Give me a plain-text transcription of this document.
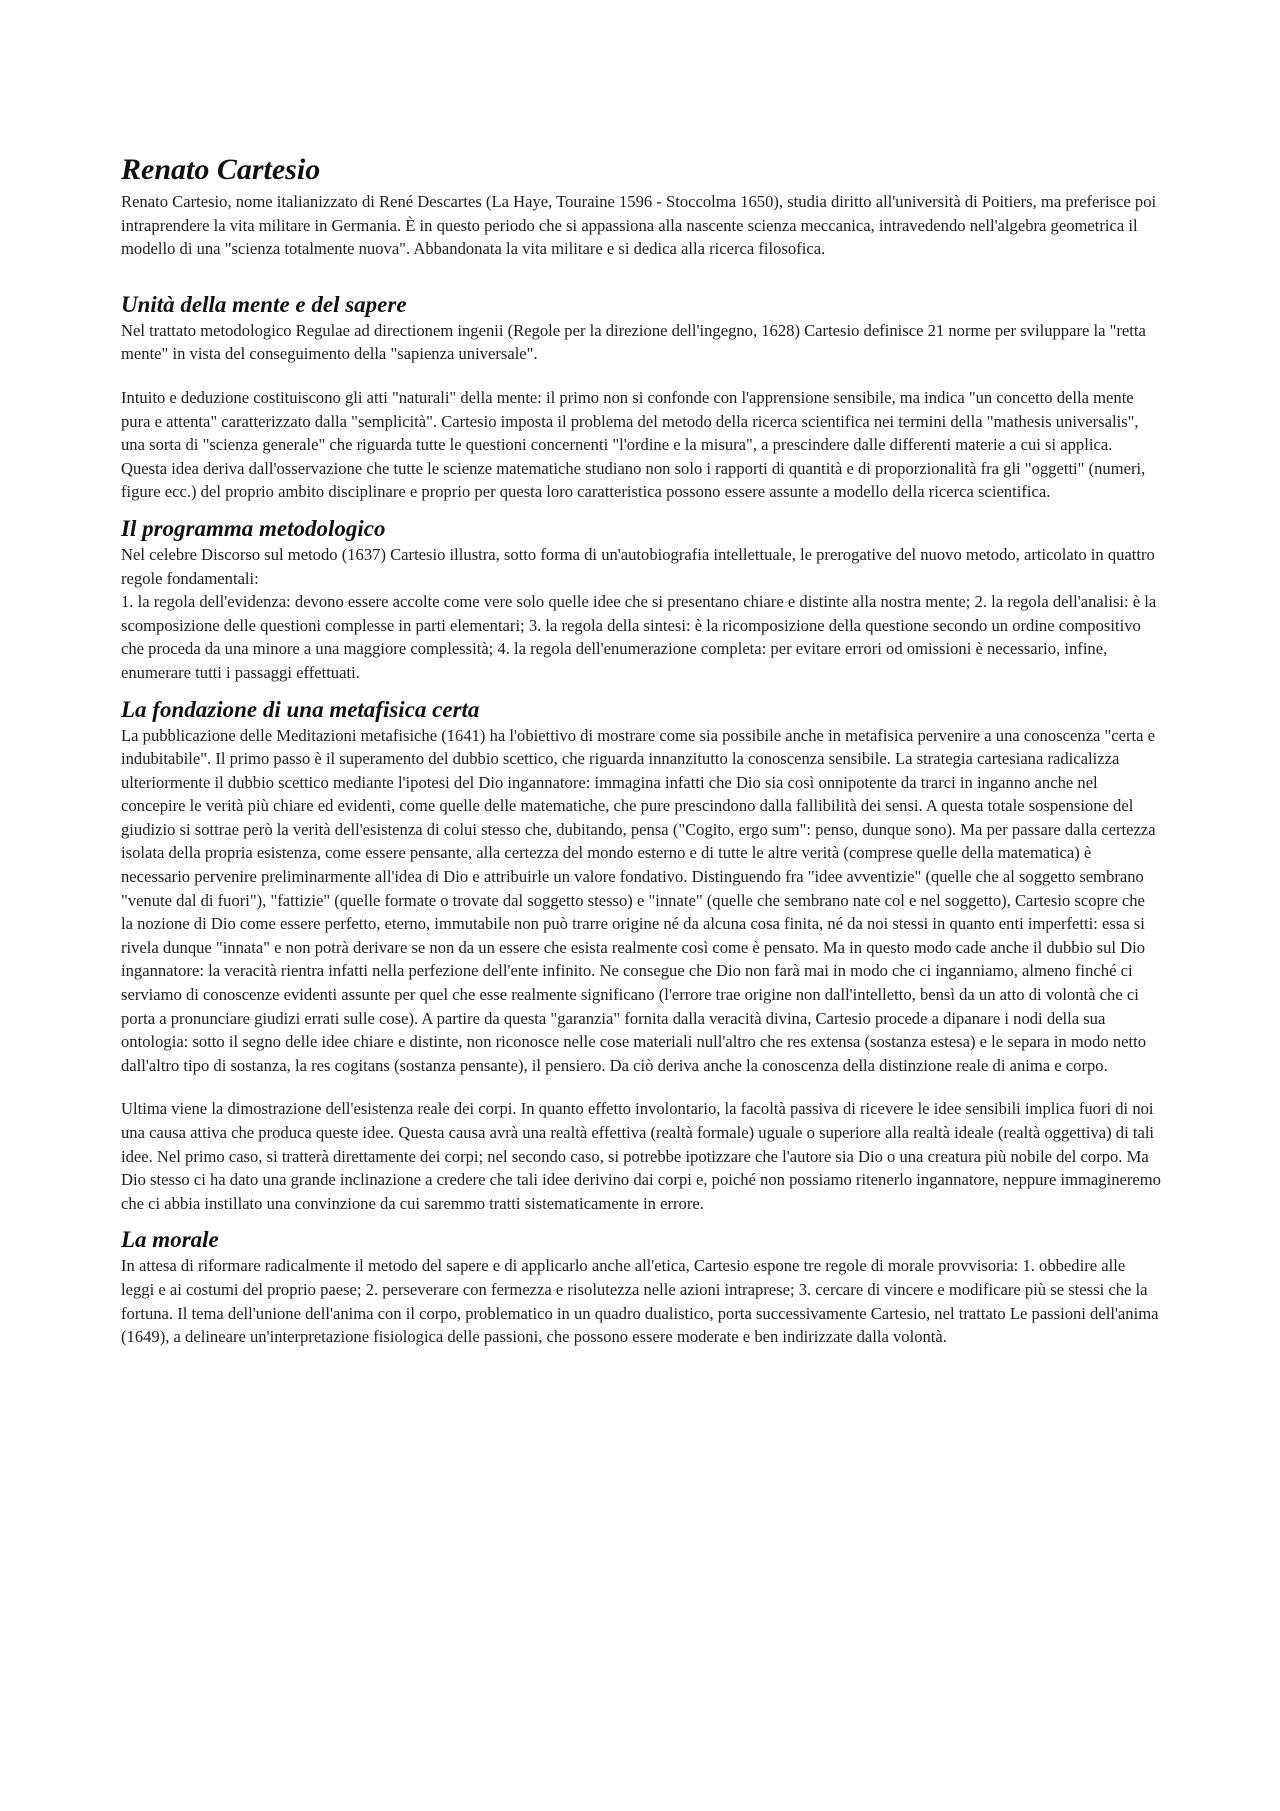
Renato Cartesio

Renato Cartesio, nome italianizzato di René Descartes (La Haye, Touraine 1596 - Stoccolma 1650), studia diritto all'università di Poitiers, ma preferisce poi intraprendere la vita militare in Germania. È in questo periodo che si appassiona alla nascente scienza meccanica, intravedendo nell'algebra geometrica il modello di una "scienza totalmente nuova". Abbandonata la vita militare e si dedica alla ricerca filosofica.

Unità della mente e del sapere

Nel trattato metodologico Regulae ad directionem ingenii (Regole per la direzione dell'ingegno, 1628) Cartesio definisce 21 norme per sviluppare la "retta mente" in vista del conseguimento della "sapienza universale".

Intuito e deduzione costituiscono gli atti "naturali" della mente: il primo non si confonde con l'apprensione sensibile, ma indica "un concetto della mente pura e attenta" caratterizzato dalla "semplicità". Cartesio imposta il problema del metodo della ricerca scientifica nei termini della "mathesis universalis", una sorta di "scienza generale" che riguarda tutte le questioni concernenti "l'ordine e la misura", a prescindere dalle differenti materie a cui si applica. Questa idea deriva dall'osservazione che tutte le scienze matematiche studiano non solo i rapporti di quantità e di proporzionalità fra gli "oggetti" (numeri, figure ecc.) del proprio ambito disciplinare e proprio per questa loro caratteristica possono essere assunte a modello della ricerca scientifica.

Il programma metodologico

Nel celebre Discorso sul metodo (1637) Cartesio illustra, sotto forma di un'autobiografia intellettuale, le prerogative del nuovo metodo, articolato in quattro regole fondamentali:

1. la regola dell'evidenza: devono essere accolte come vere solo quelle idee che si presentano chiare e distinte alla nostra mente; 2. la regola dell'analisi: è la scomposizione delle questioni complesse in parti elementari; 3. la regola della sintesi: è la ricomposizione della questione secondo un ordine compositivo che proceda da una minore a una maggiore complessità; 4. la regola dell'enumerazione completa: per evitare errori od omissioni è necessario, infine, enumerare tutti i passaggi effettuati.

La fondazione di una metafisica certa

La pubblicazione delle Meditazioni metafisiche (1641) ha l'obiettivo di mostrare come sia possibile anche in metafisica pervenire a una conoscenza "certa e indubitabile". Il primo passo è il superamento del dubbio scettico, che riguarda innanzitutto la conoscenza sensibile. La strategia cartesiana radicalizza ulteriormente il dubbio scettico mediante l'ipotesi del Dio ingannatore: immagina infatti che Dio sia così onnipotente da trarci in inganno anche nel concepire le verità più chiare ed evidenti, come quelle delle matematiche, che pure prescindono dalla fallibilità dei sensi. A questa totale sospensione del giudizio si sottrae però la verità dell'esistenza di colui stesso che, dubitando, pensa ("Cogito, ergo sum": penso, dunque sono). Ma per passare dalla certezza isolata della propria esistenza, come essere pensante, alla certezza del mondo esterno e di tutte le altre verità (comprese quelle della matematica) è necessario pervenire preliminarmente all'idea di Dio e attribuirle un valore fondativo. Distinguendo fra "idee avventizie" (quelle che al soggetto sembrano "venute dal di fuori"), "fattizie" (quelle formate o trovate dal soggetto stesso) e "innate" (quelle che sembrano nate col e nel soggetto), Cartesio scopre che la nozione di Dio come essere perfetto, eterno, immutabile non può trarre origine né da alcuna cosa finita, né da noi stessi in quanto enti imperfetti: essa si rivela dunque "innata" e non potrà derivare se non da un essere che esista realmente così come è pensato. Ma in questo modo cade anche il dubbio sul Dio ingannatore: la veracità rientra infatti nella perfezione dell'ente infinito. Ne consegue che Dio non farà mai in modo che ci inganniamo, almeno finché ci serviamo di conoscenze evidenti assunte per quel che esse realmente significano (l'errore trae origine non dall'intelletto, bensì da un atto di volontà che ci porta a pronunciare giudizi errati sulle cose). A partire da questa "garanzia" fornita dalla veracità divina, Cartesio procede a dipanare i nodi della sua ontologia: sotto il segno delle idee chiare e distinte, non riconosce nelle cose materiali null'altro che res extensa (sostanza estesa) e le separa in modo netto dall'altro tipo di sostanza, la res cogitans (sostanza pensante), il pensiero. Da ciò deriva anche la conoscenza della distinzione reale di anima e corpo.

Ultima viene la dimostrazione dell'esistenza reale dei corpi. In quanto effetto involontario, la facoltà passiva di ricevere le idee sensibili implica fuori di noi una causa attiva che produca queste idee. Questa causa avrà una realtà effettiva (realtà formale) uguale o superiore alla realtà ideale (realtà oggettiva) di tali idee. Nel primo caso, si tratterà direttamente dei corpi; nel secondo caso, si potrebbe ipotizzare che l'autore sia Dio o una creatura più nobile del corpo. Ma Dio stesso ci ha dato una grande inclinazione a credere che tali idee derivino dai corpi e, poiché non possiamo ritenerlo ingannatore, neppure immagineremo che ci abbia instillato una convinzione da cui saremmo tratti sistematicamente in errore.

La morale

In attesa di riformare radicalmente il metodo del sapere e di applicarlo anche all'etica, Cartesio espone tre regole di morale provvisoria: 1. obbedire alle leggi e ai costumi del proprio paese; 2. perseverare con fermezza e risolutezza nelle azioni intraprese; 3. cercare di vincere e modificare più se stessi che la fortuna. Il tema dell'unione dell'anima con il corpo, problematico in un quadro dualistico, porta successivamente Cartesio, nel trattato Le passioni dell'anima (1649), a delineare un'interpretazione fisiologica delle passioni, che possono essere moderate e ben indirizzate dalla volontà.
